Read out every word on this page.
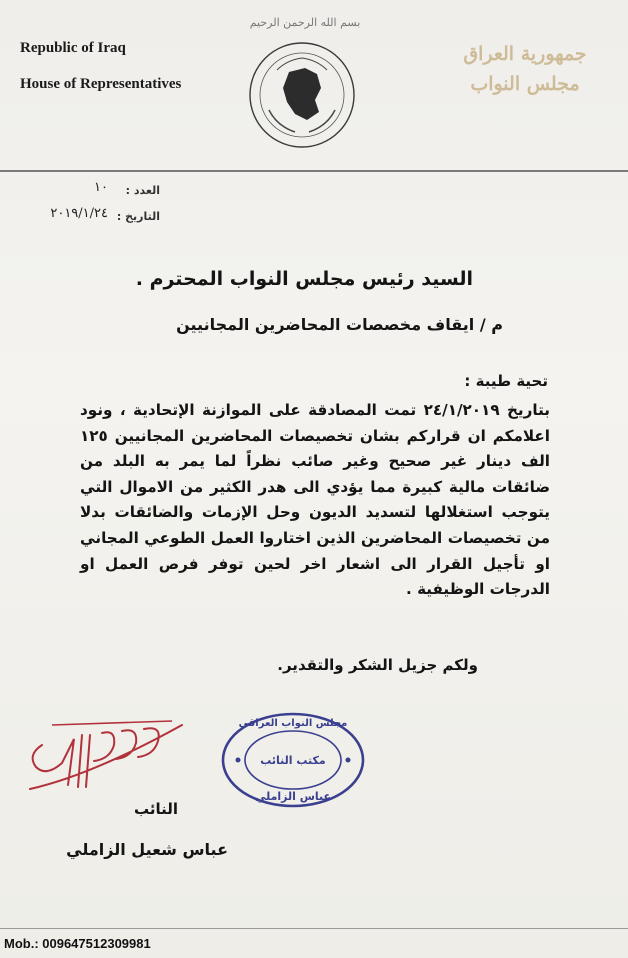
Republic of Iraq
House of Representatives
بسم الله الرحمن الرحيم
جمهورية العراق
مجلس النواب
العدد :
١٠
التاريخ :
٢٠١٩/١/٢٤
السيد رئيس مجلس النواب المحترم .
م / ايقاف مخصصات المحاضرين المجانيين
تحية طيبة :
بتاريخ ٢٤/١/٢٠١٩ تمت المصادقة على الموازنة الإتحادية ، ونود اعلامكم ان قراركم بشان تخصيصات المحاضرين المجانيين ١٢٥ الف دينار غير صحيح وغير صائب نظراً لما يمر به البلد من ضائقات مالية كبيرة مما يؤدي الى هدر الكثير من الاموال التي يتوجب استغلالها لتسديد الديون وحل الإزمات والضائقات بدلا من تخصيصات المحاضرين الذين اختاروا العمل الطوعي المجاني او تأجيل القرار الى اشعار اخر لحين توفر فرص العمل او الدرجات الوظيفية .
ولكم جزيل الشكر والتقدير.
مجلس النواب العراقي
مكتب النائب
عباس الزاملي
النائب
عباس شعيل الزاملي
Mob.: 009647512309981
